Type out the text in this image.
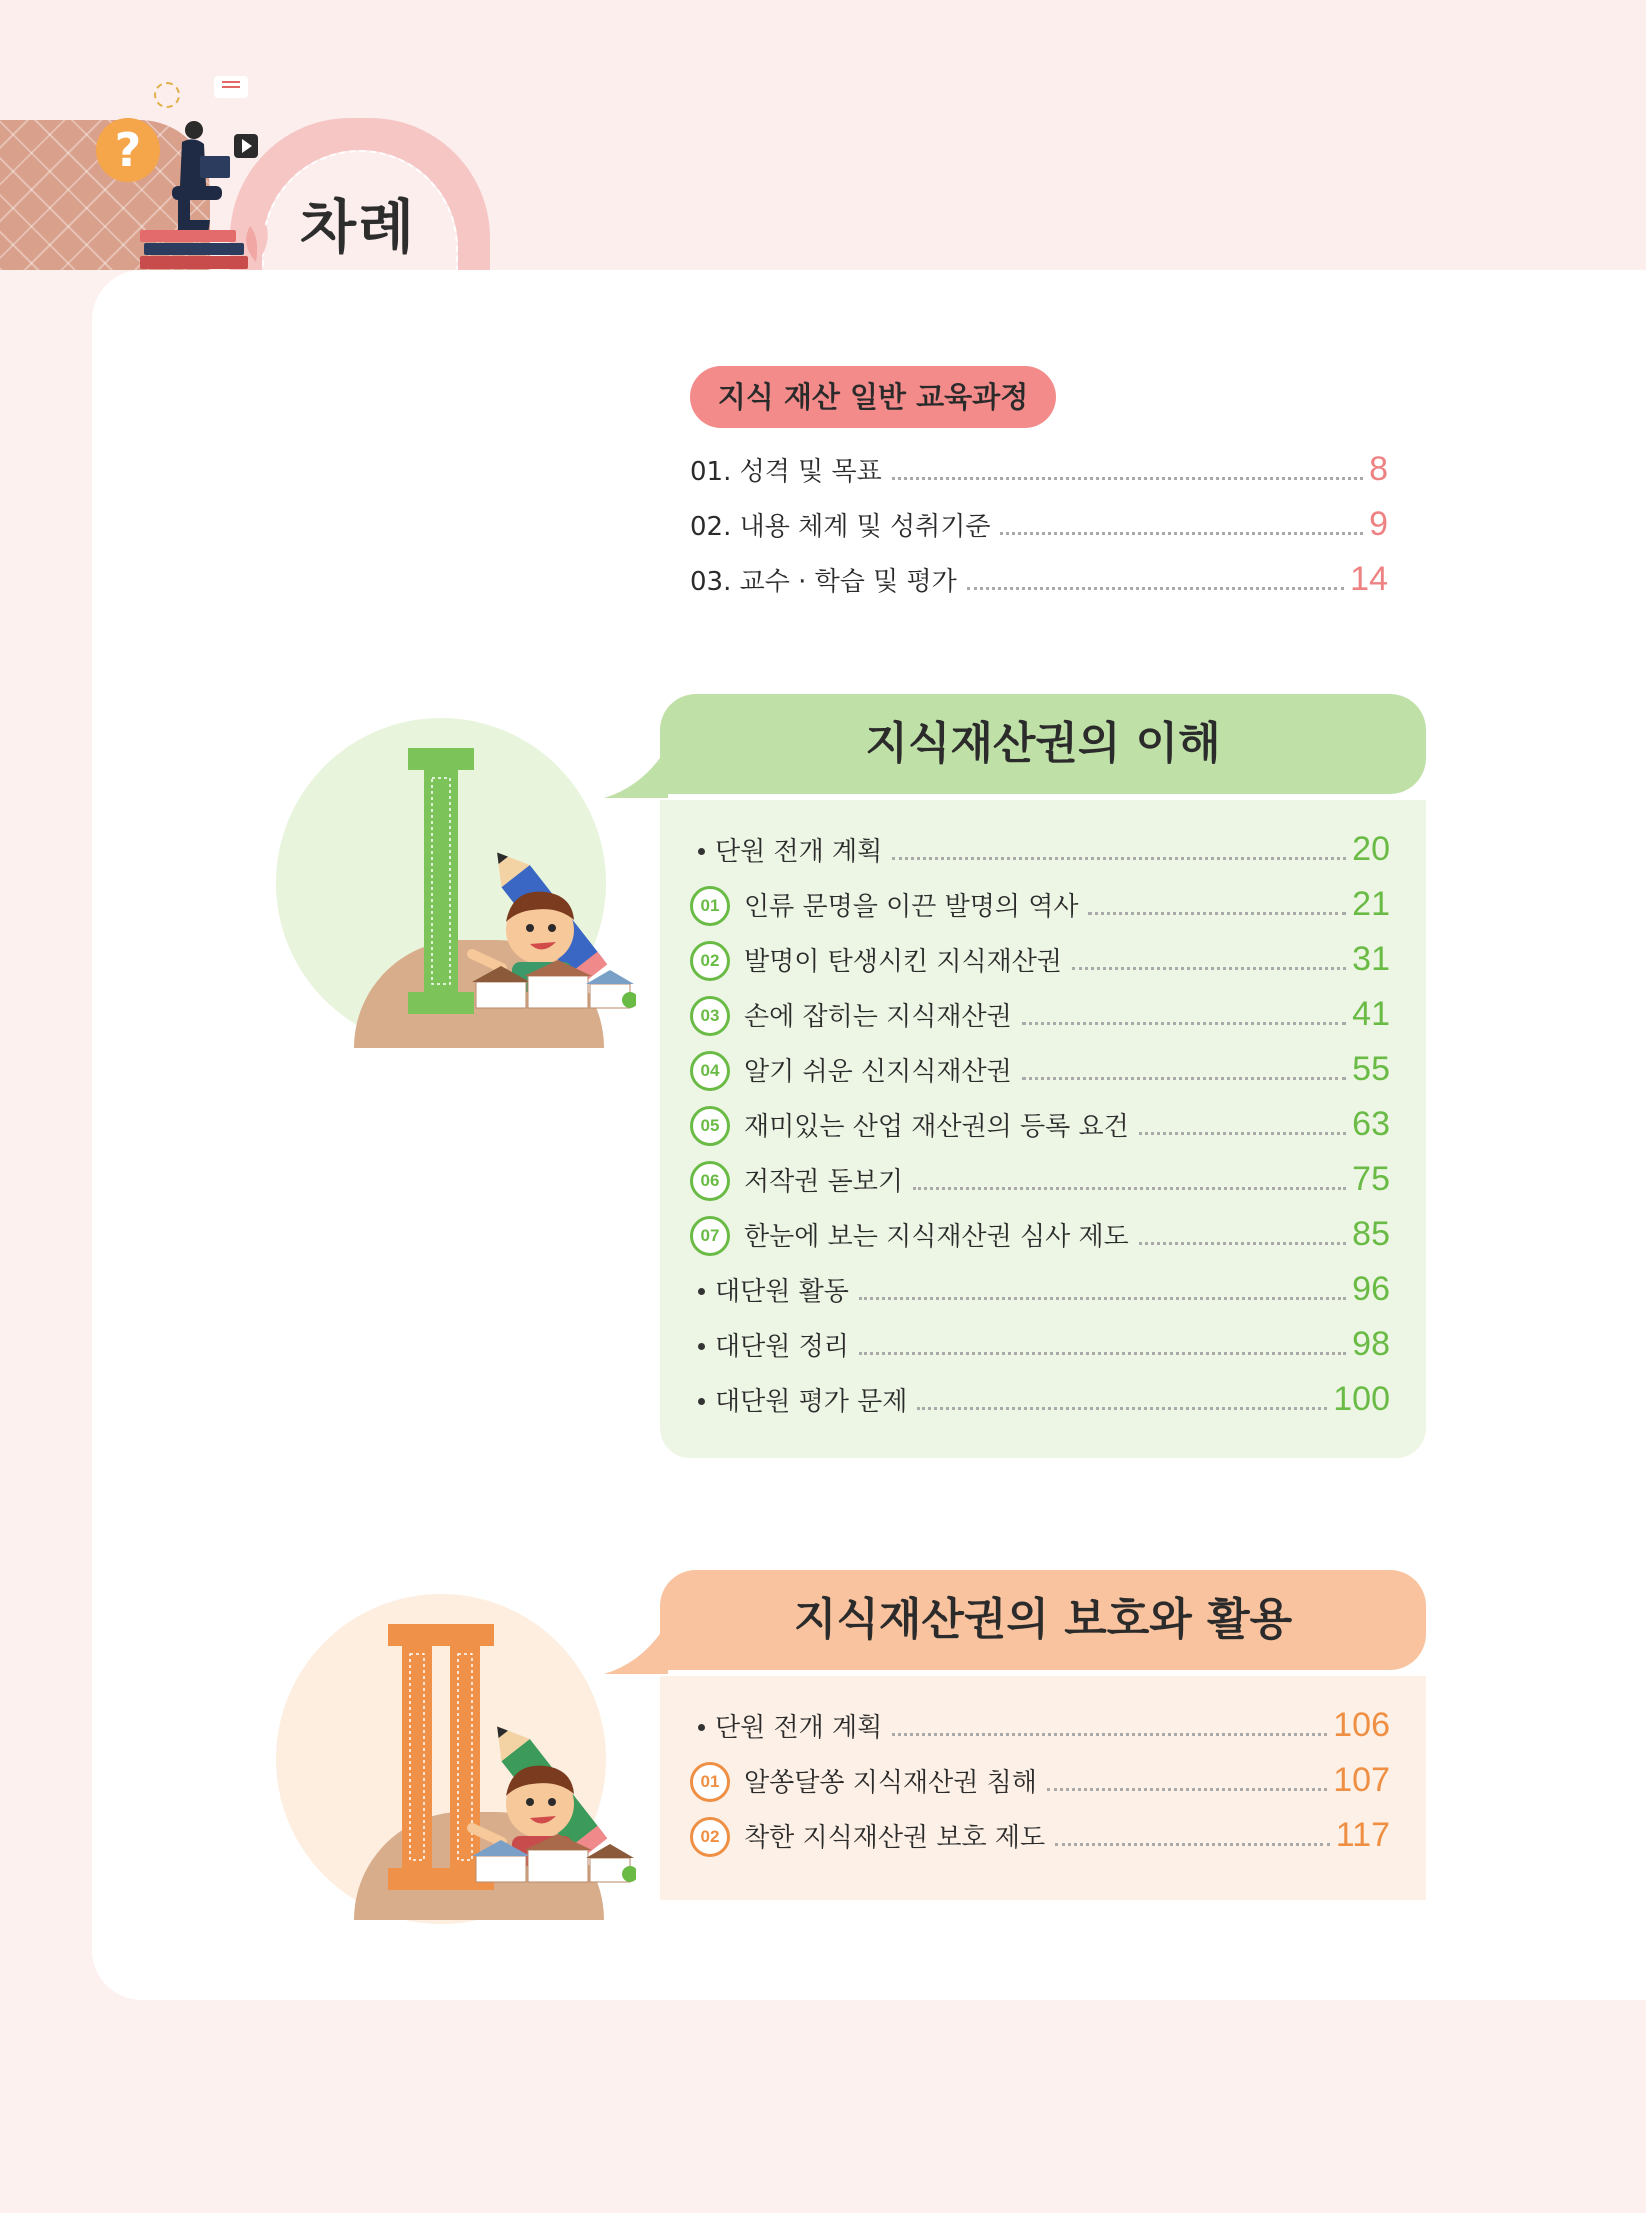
?
차례
지식 재산 일반 교육과정
01. 성격 및 목표	8
02. 내용 체계 및 성취기준	9
03. 교수 · 학습 및 평가	14
지식재산권의 이해
단원 전개 계획	20
01 인류 문명을 이끈 발명의 역사	21
02 발명이 탄생시킨 지식재산권	31
03 손에 잡히는 지식재산권	41
04 알기 쉬운 신지식재산권	55
05 재미있는 산업 재산권의 등록 요건	63
06 저작권 돋보기	75
07 한눈에 보는 지식재산권 심사 제도	85
대단원 활동	96
대단원 정리	98
대단원 평가 문제	100
지식재산권의 보호와 활용
단원 전개 계획	106
01 알쏭달쏭 지식재산권 침해	107
02 착한 지식재산권 보호 제도	117
